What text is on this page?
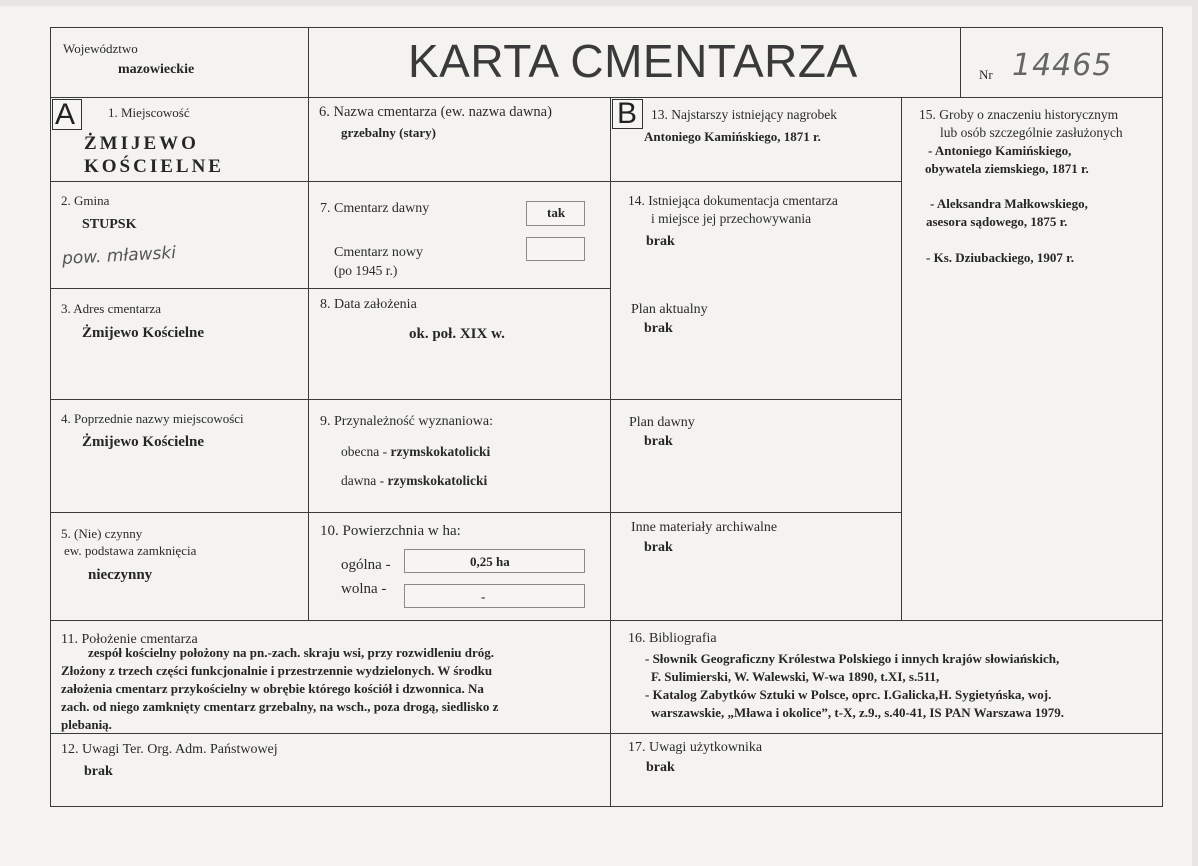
Województwo
mazowieckie	KARTA CMENTARZA	Nr 14465
A	1. Miejscowość
ŻMIJEWO
KOŚCIELNE
2. Gmina
STUPSK
pow. mławski
3. Adres cmentarza
Żmijewo Kościelne
4. Poprzednie nazwy miejscowości
Żmijewo Kościelne
5. (Nie) czynny
ew. podstawa zamknięcia
nieczynny
6. Nazwa cmentarza (ew. nazwa dawna)
grzebalny (stary)
7. Cmentarz dawny	tak
Cmentarz nowy
(po 1945 r.)
8. Data założenia
ok. poł. XIX w.
9. Przynależność wyznaniowa:
obecna - rzymskokatolicki
dawna - rzymskokatolicki
10. Powierzchnia w ha:
ogólna -	0,25 ha
wolna -	-
B 13. Najstarszy istniejący nagrobek
Antoniego Kamińskiego, 1871 r.
14. Istniejąca dokumentacja cmentarza
i miejsce jej przechowywania
brak
Plan aktualny
brak
Plan dawny
brak
Inne materiały archiwalne
brak
15. Groby o znaczeniu historycznym
lub osób szczególnie zasłużonych
- Antoniego Kamińskiego,
obywatela ziemskiego, 1871 r.
- Aleksandra Małkowskiego,
asesora sądowego, 1875 r.
- Ks. Dziubackiego, 1907 r.
11. Położenie cmentarza
zespół kościelny położony na pn.-zach. skraju wsi, przy rozwidleniu dróg.
Złożony z trzech części funkcjonalnie i przestrzennie wydzielonych. W środku
założenia cmentarz przykościelny w obrębie którego kościół i dzwonnica. Na
zach. od niego zamknięty cmentarz grzebalny, na wsch., poza drogą, siedlisko z
plebanią.
16. Bibliografia
- Słownik Geograficzny Królestwa Polskiego i innych krajów słowiańskich,
F. Sulimierski, W. Walewski, W-wa 1890, t.XI, s.511,
- Katalog Zabytków Sztuki w Polsce, oprc. I.Galicka,H. Sygietyńska, woj.
warszawskie, „Mława i okolice”, t-X, z.9., s.40-41, IS PAN Warszawa 1979.
12. Uwagi Ter. Org. Adm. Państwowej
brak
17. Uwagi użytkownika
brak
